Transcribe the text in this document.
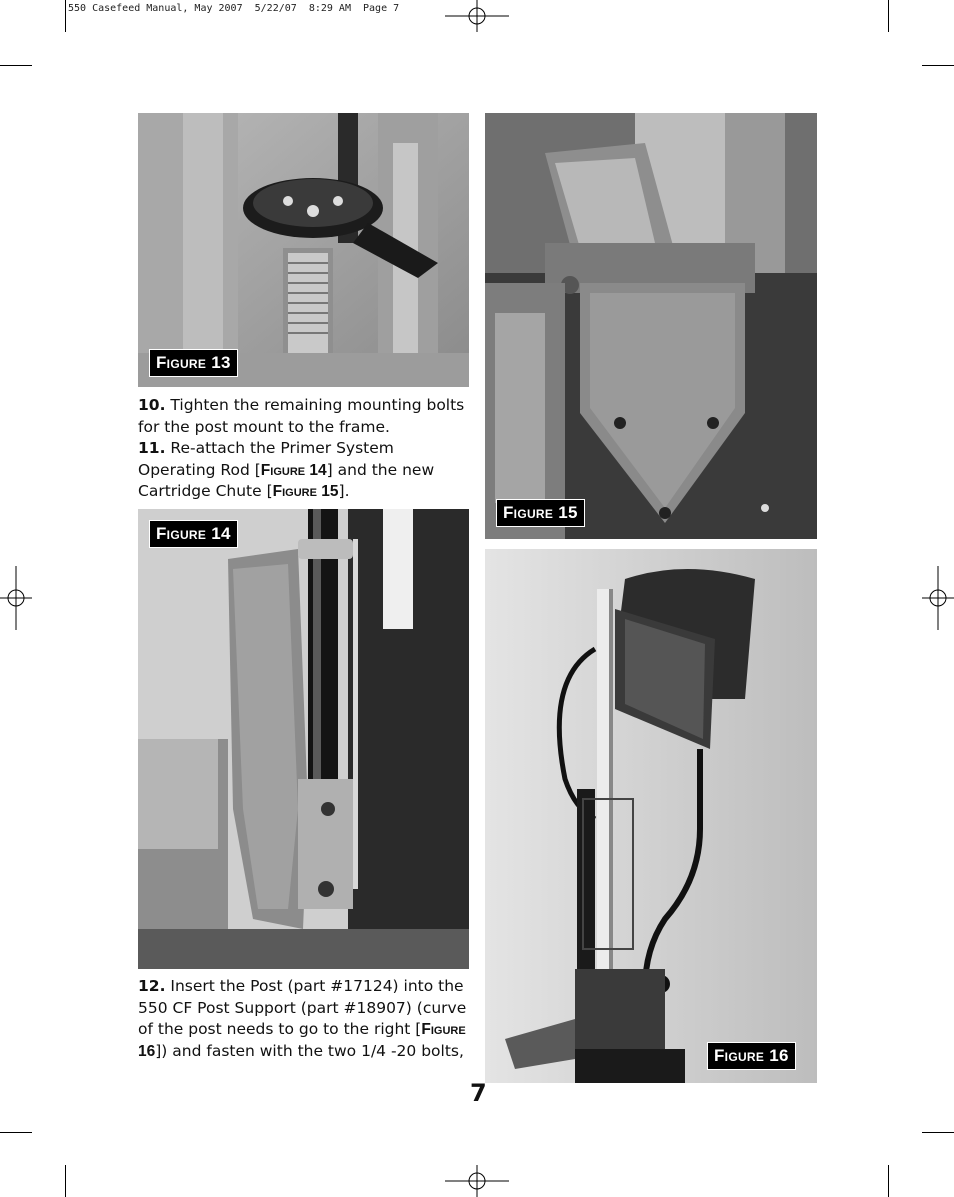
550 Casefeed Manual, May 2007  5/22/07  8:29 AM  Page 7
Figure 13
10. Tighten the remaining mounting bolts for the post mount to the frame.
11. Re-attach the Primer System Operating Rod [Figure 14] and the new Cartridge Chute [Figure 15].
Figure 14
12. Insert the Post (part #17124) into the 550 CF Post Support (part #18907) (curve of the post needs to go to the right [Figure 16]) and fasten with the two 1/4 -20 bolts,
Figure 15
Figure 16
7
